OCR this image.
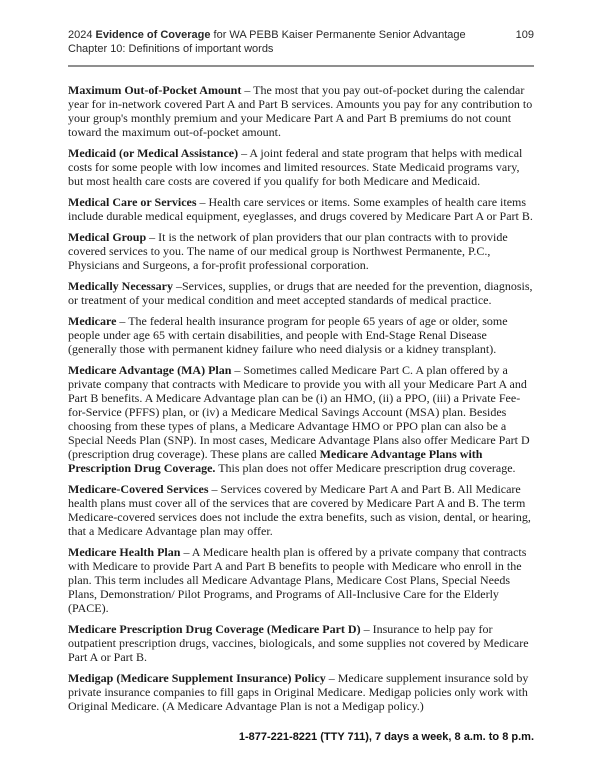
2024 Evidence of Coverage for WA PEBB Kaiser Permanente Senior Advantage	109
Chapter 10: Definitions of important words

Maximum Out-of-Pocket Amount – The most that you pay out-of-pocket during the calendar year for in-network covered Part A and Part B services. Amounts you pay for any contribution to your group's monthly premium and your Medicare Part A and Part B premiums do not count toward the maximum out-of-pocket amount.

Medicaid (or Medical Assistance) – A joint federal and state program that helps with medical costs for some people with low incomes and limited resources. State Medicaid programs vary, but most health care costs are covered if you qualify for both Medicare and Medicaid.

Medical Care or Services – Health care services or items. Some examples of health care items include durable medical equipment, eyeglasses, and drugs covered by Medicare Part A or Part B.

Medical Group – It is the network of plan providers that our plan contracts with to provide covered services to you. The name of our medical group is Northwest Permanente, P.C., Physicians and Surgeons, a for-profit professional corporation.

Medically Necessary –Services, supplies, or drugs that are needed for the prevention, diagnosis, or treatment of your medical condition and meet accepted standards of medical practice.

Medicare – The federal health insurance program for people 65 years of age or older, some people under age 65 with certain disabilities, and people with End-Stage Renal Disease (generally those with permanent kidney failure who need dialysis or a kidney transplant).

Medicare Advantage (MA) Plan – Sometimes called Medicare Part C. A plan offered by a private company that contracts with Medicare to provide you with all your Medicare Part A and Part B benefits. A Medicare Advantage plan can be (i) an HMO, (ii) a PPO, (iii) a Private Fee-for-Service (PFFS) plan, or (iv) a Medicare Medical Savings Account (MSA) plan. Besides choosing from these types of plans, a Medicare Advantage HMO or PPO plan can also be a Special Needs Plan (SNP). In most cases, Medicare Advantage Plans also offer Medicare Part D (prescription drug coverage). These plans are called Medicare Advantage Plans with Prescription Drug Coverage. This plan does not offer Medicare prescription drug coverage.

Medicare-Covered Services – Services covered by Medicare Part A and Part B. All Medicare health plans must cover all of the services that are covered by Medicare Part A and B. The term Medicare-covered services does not include the extra benefits, such as vision, dental, or hearing, that a Medicare Advantage plan may offer.

Medicare Health Plan – A Medicare health plan is offered by a private company that contracts with Medicare to provide Part A and Part B benefits to people with Medicare who enroll in the plan. This term includes all Medicare Advantage Plans, Medicare Cost Plans, Special Needs Plans, Demonstration/ Pilot Programs, and Programs of All-Inclusive Care for the Elderly (PACE).

Medicare Prescription Drug Coverage (Medicare Part D) – Insurance to help pay for outpatient prescription drugs, vaccines, biologicals, and some supplies not covered by Medicare Part A or Part B.

Medigap (Medicare Supplement Insurance) Policy – Medicare supplement insurance sold by private insurance companies to fill gaps in Original Medicare. Medigap policies only work with Original Medicare. (A Medicare Advantage Plan is not a Medigap policy.)

1-877-221-8221 (TTY 711), 7 days a week, 8 a.m. to 8 p.m.
